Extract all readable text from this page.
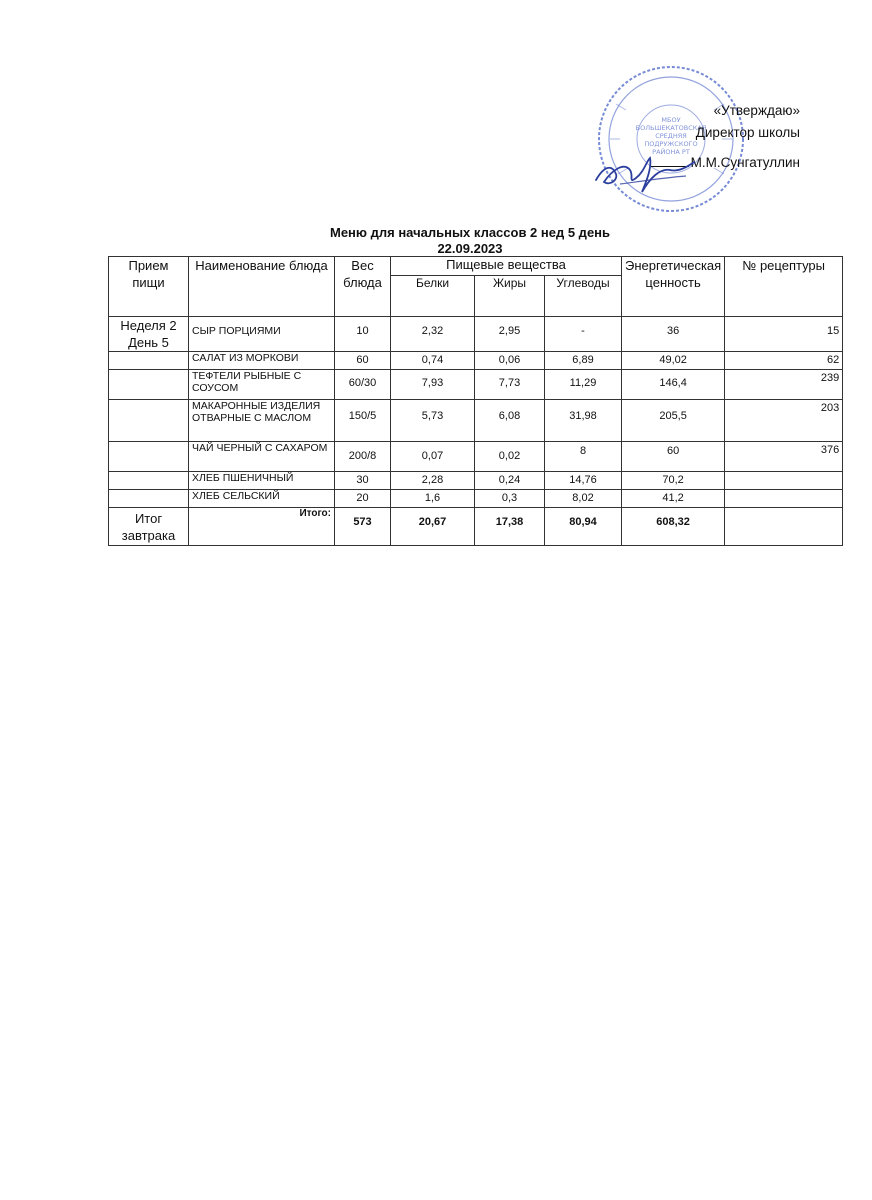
МБОУ
БОЛЬШЕКАТОВСКАЯ
СРЕДНЯЯ
ПОДРУЖСКОГО
РАЙОНА РТ
«Утверждаю»
Директор школы
М.М.Сунгатуллин
Меню для начальных классов 2 нед 5 день
22.09.2023
Прием пищи	Наименование блюда	Вес блюда	Пищевые вещества			Энергетическая ценность	№ рецептуры
			Белки	Жиры	Углеводы		
Неделя 2 День 5	СЫР ПОРЦИЯМИ	10	2,32	2,95	-	36	15
	САЛАТ ИЗ МОРКОВИ	60	0,74	0,06	6,89	49,02	62
	ТЕФТЕЛИ РЫБНЫЕ С СОУСОМ	60/30	7,93	7,73	11,29	146,4	239
	МАКАРОННЫЕ ИЗДЕЛИЯ ОТВАРНЫЕ С МАСЛОМ	150/5	5,73	6,08	31,98	205,5	203
	ЧАЙ ЧЕРНЫЙ С САХАРОМ	200/8	0,07	0,02	8	60	376
	ХЛЕБ ПШЕНИЧНЫЙ	30	2,28	0,24	14,76	70,2	
	ХЛЕБ СЕЛЬСКИЙ	20	1,6	0,3	8,02	41,2	
Итог завтрака	Итого:	573	20,67	17,38	80,94	608,32	
